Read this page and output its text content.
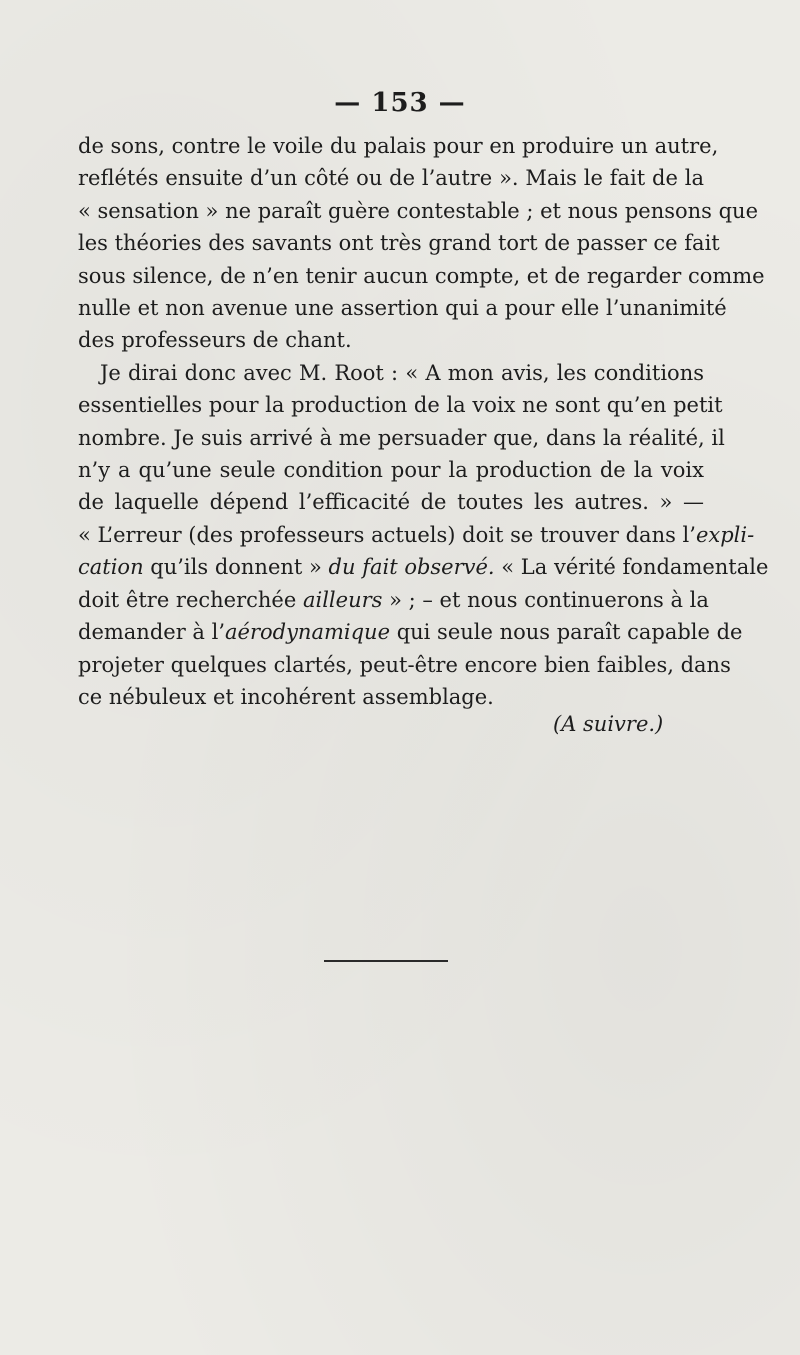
— 153 —
de sons, contre le voile du palais pour en produire un autre,
reflétés ensuite d’un côté ou de l’autre ». Mais le fait de la
« sensation » ne paraît guère contestable ; et nous pensons que
les théories des savants ont très grand tort de passer ce fait
sous silence, de n’en tenir aucun compte, et de regarder comme
nulle et non avenue une assertion qui a pour elle l’unanimité
des professeurs de chant.
Je dirai donc avec M. Root : « A mon avis, les conditions
essentielles pour la production de la voix ne sont qu’en petit
nombre. Je suis arrivé à me persuader que, dans la réalité, il
n’y a qu’une seule condition pour la production de la voix
de laquelle dépend l’efficacité de toutes les autres. » —
« L’erreur (des professeurs actuels) doit se trouver dans l’expli-
cation qu’ils donnent » du fait observé. « La vérité fondamentale
doit être recherchée ailleurs » ; – et nous continuerons à la
demander à l’aérodynamique qui seule nous paraît capable de
projeter quelques clartés, peut-être encore bien faibles, dans
ce nébuleux et incohérent assemblage.
(A suivre.)
